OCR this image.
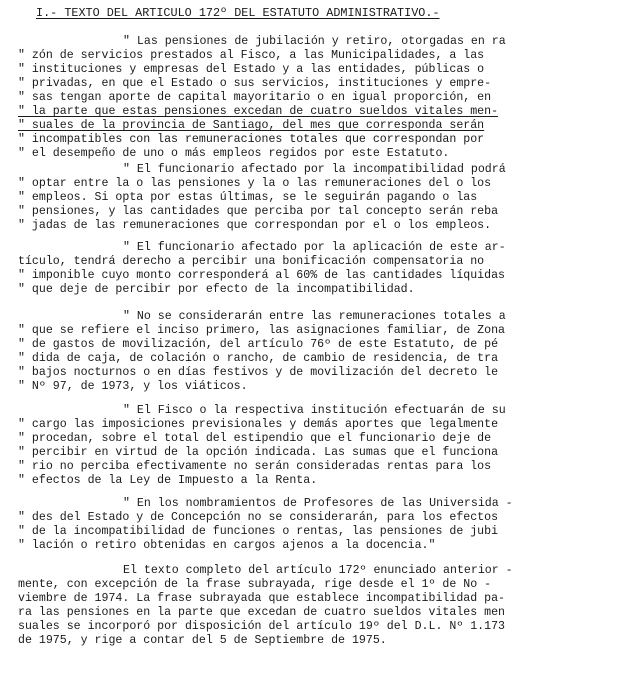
I.- TEXTO DEL ARTICULO 172º DEL ESTATUTO ADMINISTRATIVO.-
" Las pensiones de jubilación y retiro, otorgadas en ra
" zón de servicios prestados al Fisco, a las Municipalidades, a las
" instituciones y empresas del Estado y a las entidades, públicas o
" privadas, en que el Estado o sus servicios, instituciones y empre-
" sas tengan aporte de capital mayoritario o en igual proporción, en
" la parte que estas pensiones excedan de cuatro sueldos vitales men-
" suales de la provincia de Santiago, del mes que corresponda serán
" incompatibles con las remuneraciones totales que correspondan por
" el desempeño de uno o más empleos regidos por este Estatuto.
" El funcionario afectado por la incompatibilidad podrá
" optar entre la o las pensiones y la o las remuneraciones del o los
" empleos. Si opta por estas últimas, se le seguirán pagando o las
" pensiones, y las cantidades que perciba por tal concepto serán reba
" jadas de las remuneraciones que correspondan por el o los empleos.
" El funcionario afectado por la aplicación de este ar-
tículo, tendrá derecho a percibir una bonificación compensatoria no
" imponible cuyo monto corresponderá al 60% de las cantidades líquidas
" que deje de percibir por efecto de la incompatibilidad.
" No se considerarán entre las remuneraciones totales a
" que se refiere el inciso primero, las asignaciones familiar, de Zona
" de gastos de movilización, del artículo 76º de este Estatuto, de pé
" dida de caja, de colación o rancho, de cambio de residencia, de tra
" bajos nocturnos o en días festivos y de movilización del decreto le
" Nº 97, de 1973, y los viáticos.
" El Fisco o la respectiva institución efectuarán de su
" cargo las imposiciones previsionales y demás aportes que legalmente
" procedan, sobre el total del estipendio que el funcionario deje de
" percibir en virtud de la opción indicada. Las sumas que el funciona
" rio no perciba efectivamente no serán consideradas rentas para los
" efectos de la Ley de Impuesto a la Renta.
" En los nombramientos de Profesores de las Universida -
" des del Estado y de Concepción no se considerarán, para los efectos
" de la incompatibilidad de funciones o rentas, las pensiones de jubi
" lación o retiro obtenidas en cargos ajenos a la docencia."
El texto completo del artículo 172º enunciado anterior -
mente, con excepción de la frase subrayada, rige desde el 1º de No -
viembre de 1974. La frase subrayada que establece incompatibilidad pa-
ra las pensiones en la parte que excedan de cuatro sueldos vitales men
suales se incorporó por disposición del artículo 19º del D.L. Nº 1.173
de 1975, y rige a contar del 5 de Septiembre de 1975.
